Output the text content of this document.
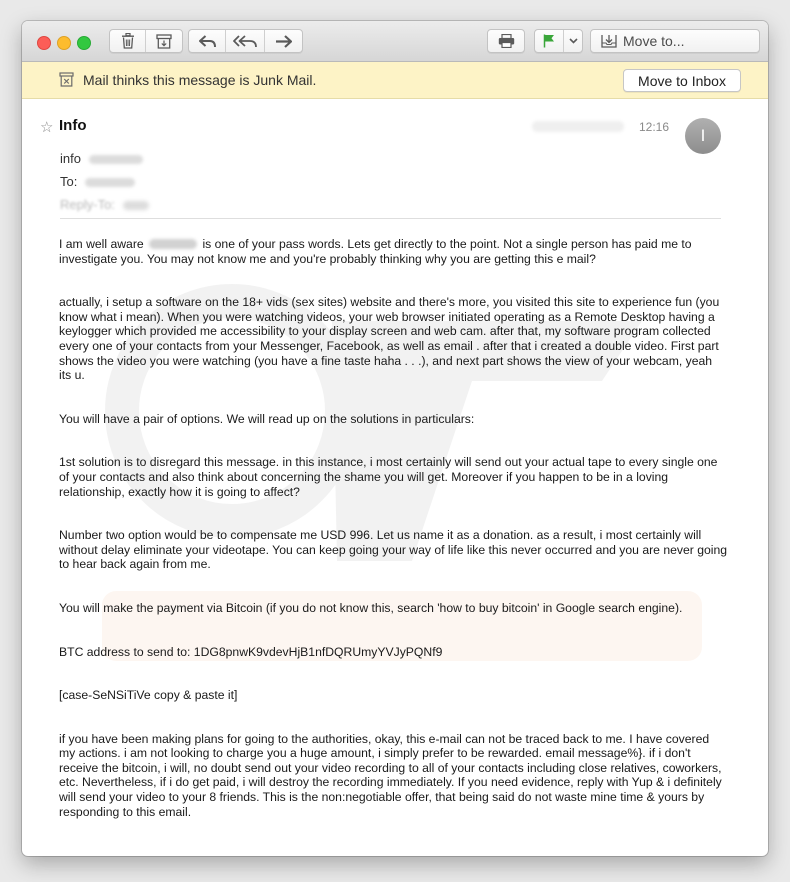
Move to...
Mail thinks this message is Junk Mail.	Move to Inbox
☆ Info	12:16 I
info
To:
Reply-To:

I am well aware	is one of your pass words. Lets get directly to the point. Not a single person has paid me to investigate you. You may not know me and you're probably thinking why you are getting this e mail?

actually, i setup a software on the 18+ vids (sex sites) website and there's more, you visited this site to experience fun (you know what i mean). When you were watching videos, your web browser initiated operating as a Remote Desktop having a keylogger which provided me accessibility to your display screen and web cam. after that, my software program collected every one of your contacts from your Messenger, Facebook, as well as email . after that i created a double video. First part shows the video you were watching (you have a fine taste haha . . .), and next part shows the view of your webcam, yeah its u.

You will have a pair of options. We will read up on the solutions in particulars:

1st solution is to disregard this message. in this instance, i most certainly will send out your actual tape to every single one of your contacts and also think about concerning the shame you will get. Moreover if you happen to be in a loving relationship, exactly how it is going to affect?

Number two option would be to compensate me USD 996. Let us name it as a donation. as a result, i most certainly will without delay eliminate your videotape. You can keep going your way of life like this never occurred and you are never going to hear back again from me.

You will make the payment via Bitcoin (if you do not know this, search 'how to buy bitcoin' in Google search engine).

BTC address to send to: 1DG8pnwK9vdevHjB1nfDQRUmyYVJyPQNf9

[case-SeNSiTiVe copy & paste it]

if you have been making plans for going to the authorities, okay, this e-mail can not be traced back to me. I have covered my actions. i am not looking to charge you a huge amount, i simply prefer to be rewarded. email message%}. if i don't receive the bitcoin, i will, no doubt send out your video recording to all of your contacts including close relatives, coworkers, etc. Nevertheless, if i do get paid, i will destroy the recording immediately. If you need evidence, reply with Yup & i definitely will send your video to your 8 friends. This is the non:negotiable offer, that being said do not waste mine time & yours by responding to this email.
